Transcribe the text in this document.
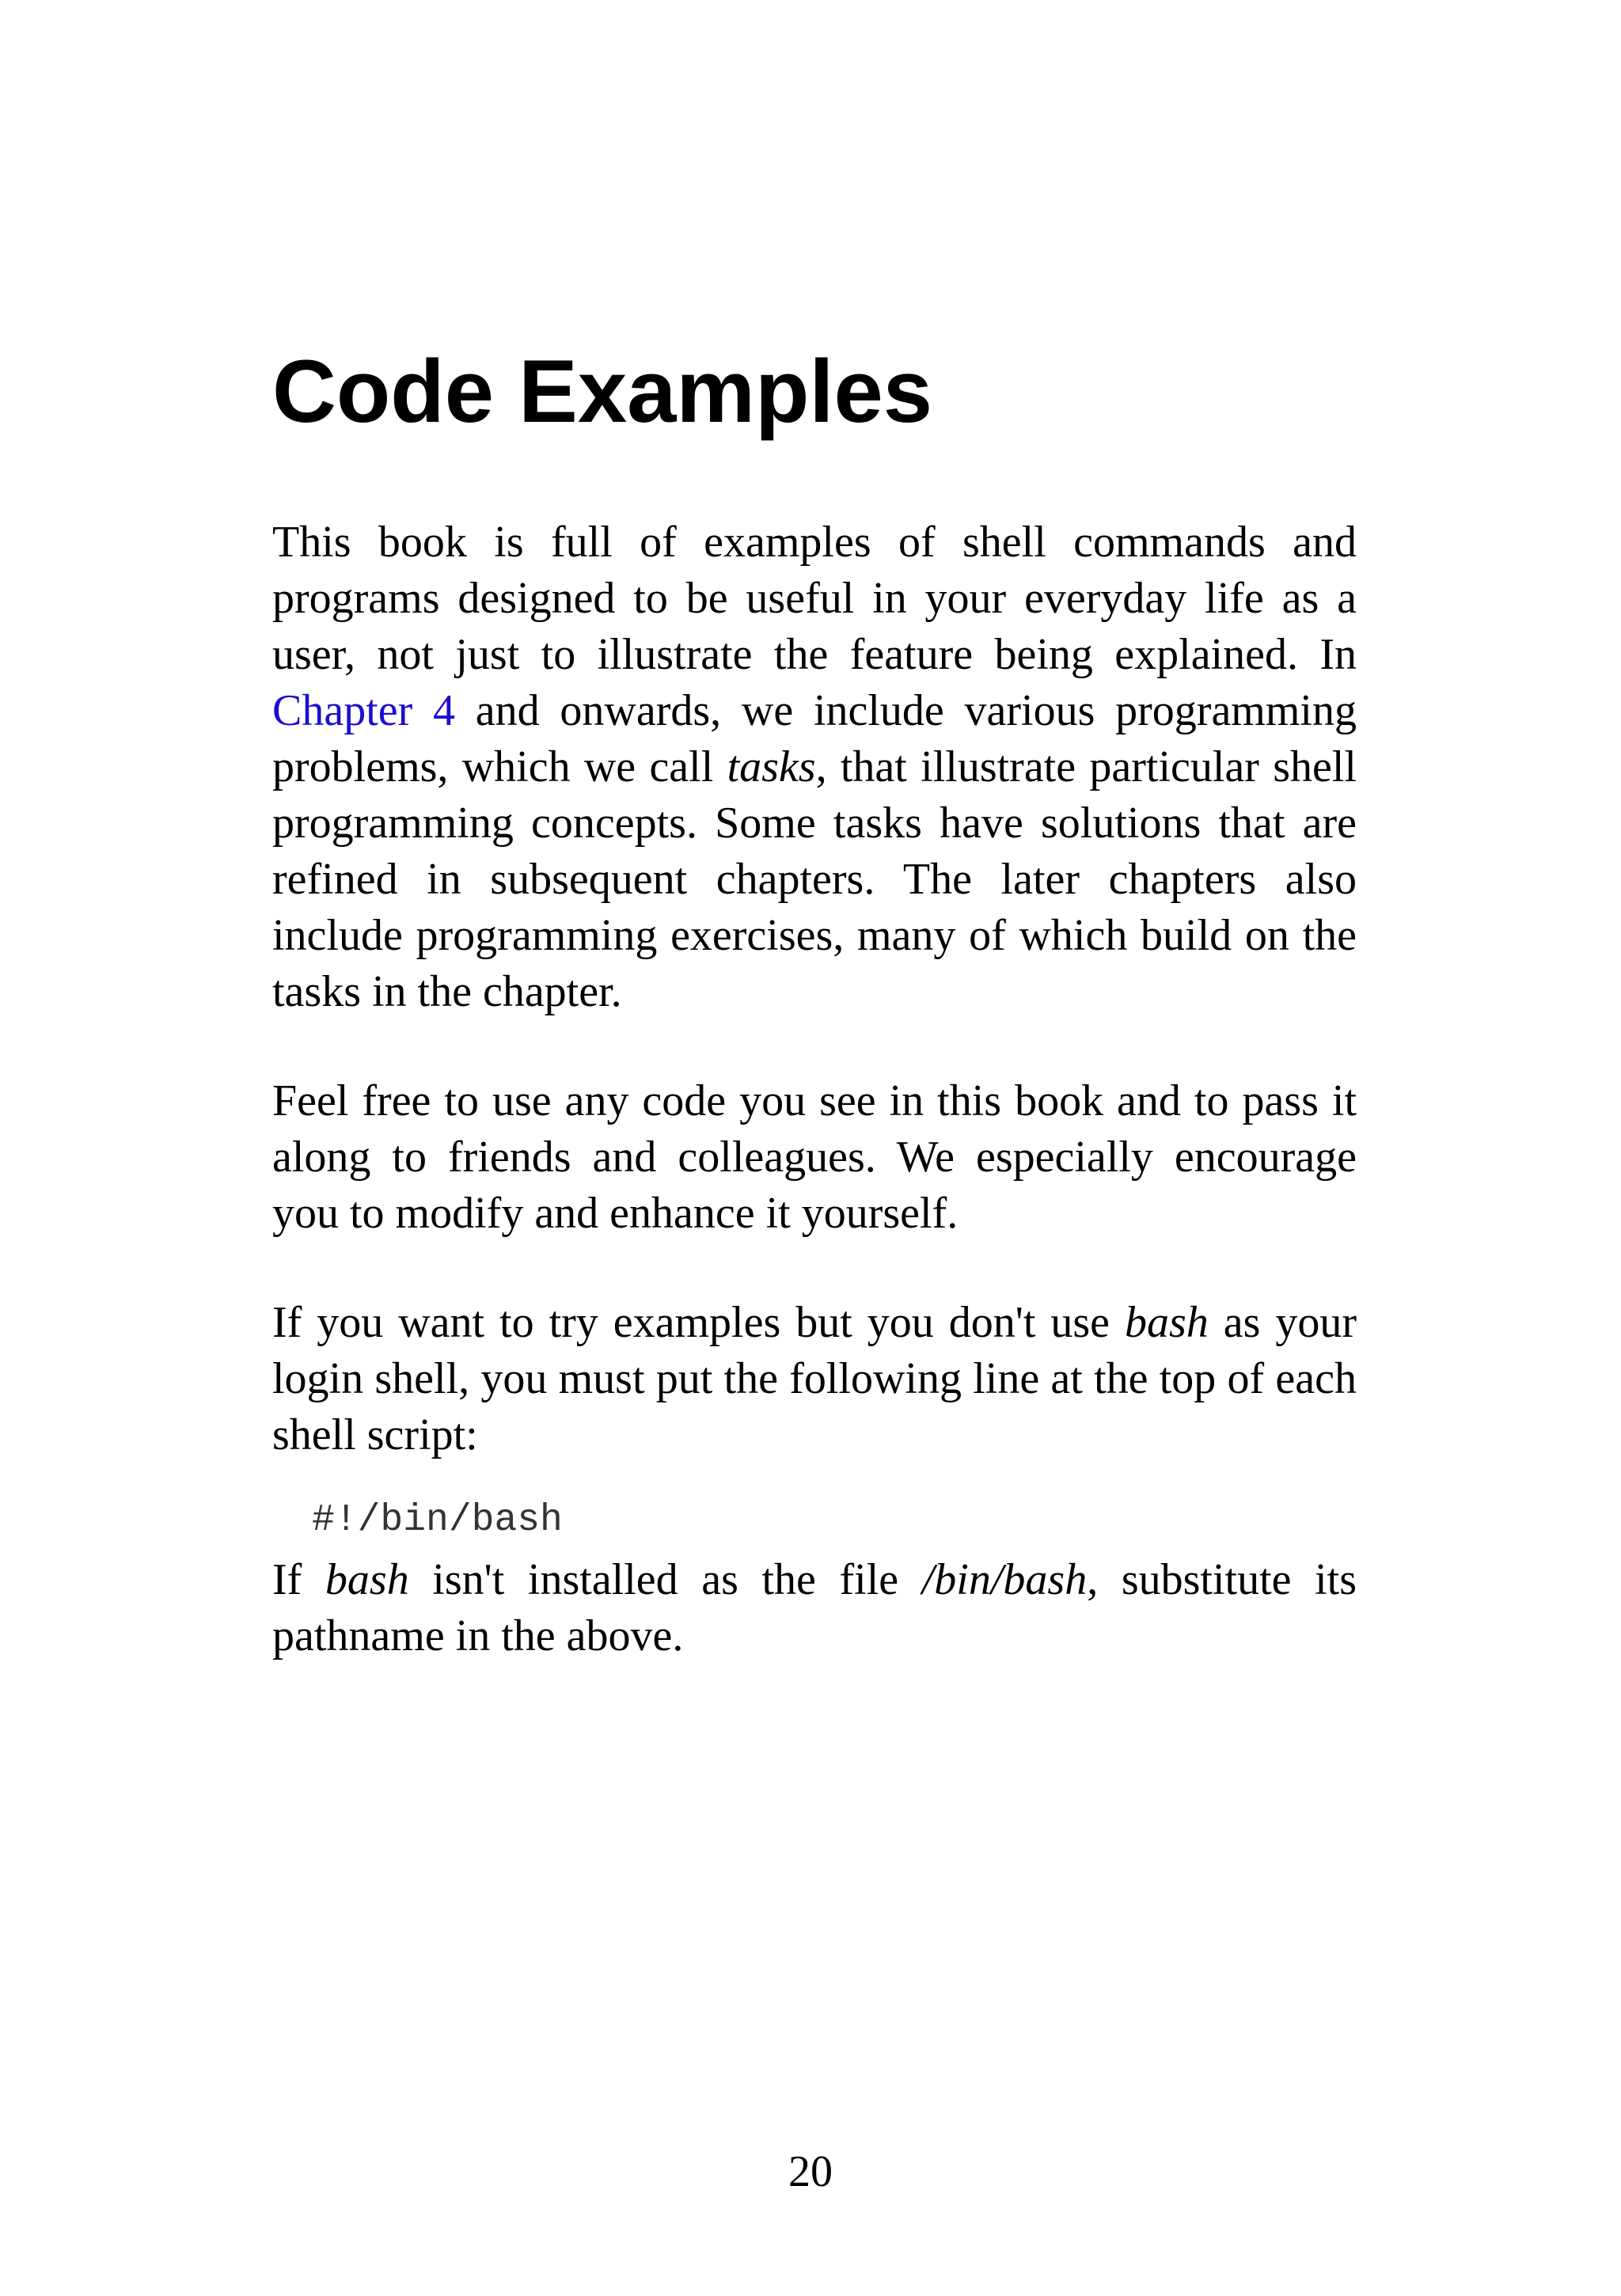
Code Examples

This book is full of examples of shell commands and programs designed to be useful in your everyday life as a user, not just to illustrate the feature being explained. In Chapter 4 and onwards, we include various programming problems, which we call tasks, that illustrate particular shell programming concepts. Some tasks have solutions that are refined in subsequent chapters. The later chapters also include programming exercises, many of which build on the tasks in the chapter.

Feel free to use any code you see in this book and to pass it along to friends and colleagues. We especially encourage you to modify and enhance it yourself.

If you want to try examples but you don't use bash as your login shell, you must put the following line at the top of each shell script:

#!/bin/bash

If bash isn't installed as the file /bin/bash, substitute its pathname in the above.

20
